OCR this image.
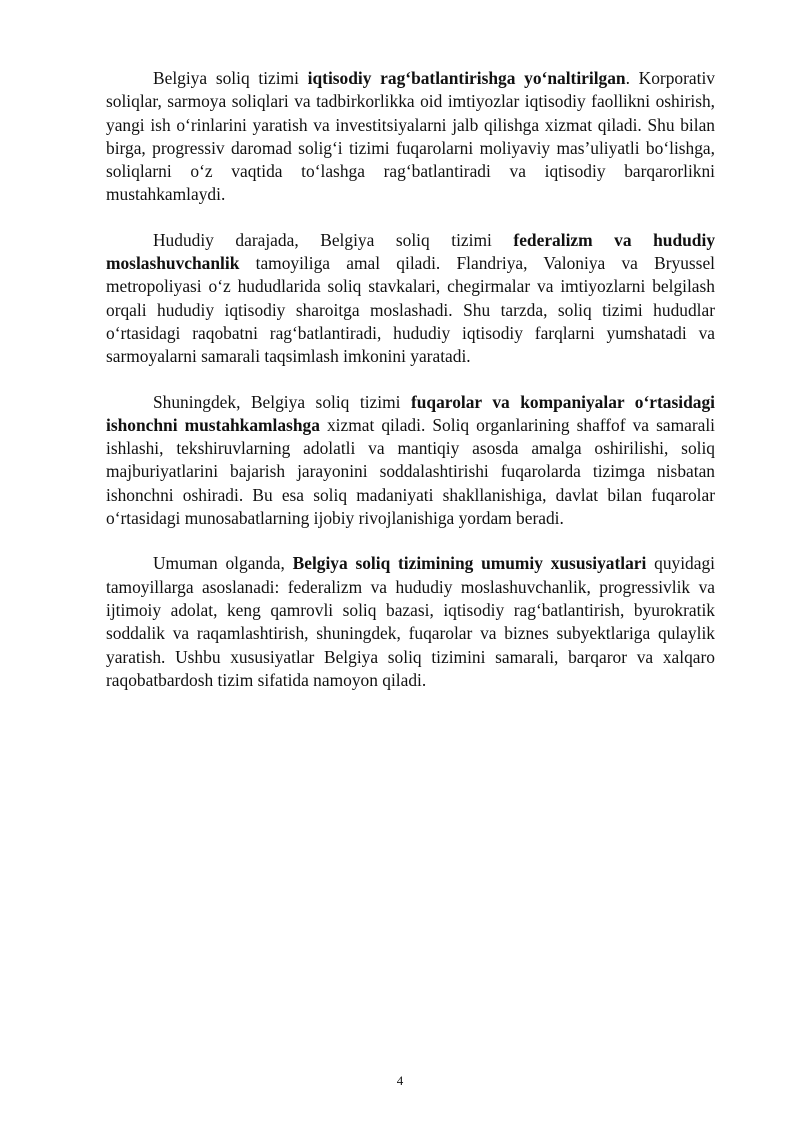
Belgiya soliq tizimi iqtisodiy rag‘batlantirishga yo‘naltirilgan. Korporativ soliqlar, sarmoya soliqlari va tadbirkorlikka oid imtiyozlar iqtisodiy faollikni oshirish, yangi ish o‘rinlarini yaratish va investitsiyalarni jalb qilishga xizmat qiladi. Shu bilan birga, progressiv daromad solig‘i tizimi fuqarolarni moliyaviy mas’uliyatli bo‘lishga, soliqlarni o‘z vaqtida to‘lashga rag‘batlantiradi va iqtisodiy barqarorlikni mustahkamlaydi.

Hududiy darajada, Belgiya soliq tizimi federalizm va hududiy moslashuvchanlik tamoyiliga amal qiladi. Flandriya, Valoniya va Bryussel metropoliyasi o‘z hududlarida soliq stavkalari, chegirmalar va imtiyozlarni belgilash orqali hududiy iqtisodiy sharoitga moslashadi. Shu tarzda, soliq tizimi hududlar o‘rtasidagi raqobatni rag‘batlantiradi, hududiy iqtisodiy farqlarni yumshatadi va sarmoyalarni samarali taqsimlash imkonini yaratadi.

Shuningdek, Belgiya soliq tizimi fuqarolar va kompaniyalar o‘rtasidagi ishonchni mustahkamlashga xizmat qiladi. Soliq organlarining shaffof va samarali ishlashi, tekshiruvlarning adolatli va mantiqiy asosda amalga oshirilishi, soliq majburiyatlarini bajarish jarayonini soddalashtirishi fuqarolarda tizimga nisbatan ishonchni oshiradi. Bu esa soliq madaniyati shakllanishiga, davlat bilan fuqarolar o‘rtasidagi munosabatlarning ijobiy rivojlanishiga yordam beradi.

Umuman olganda, Belgiya soliq tizimining umumiy xususiyatlari quyidagi tamoyillarga asoslanadi: federalizm va hududiy moslashuvchanlik, progressivlik va ijtimoiy adolat, keng qamrovli soliq bazasi, iqtisodiy rag‘batlantirish, byurokratik soddalik va raqamlashtirish, shuningdek, fuqarolar va biznes subyektlariga qulaylik yaratish. Ushbu xususiyatlar Belgiya soliq tizimini samarali, barqaror va xalqaro raqobatbardosh tizim sifatida namoyon qiladi.

4
